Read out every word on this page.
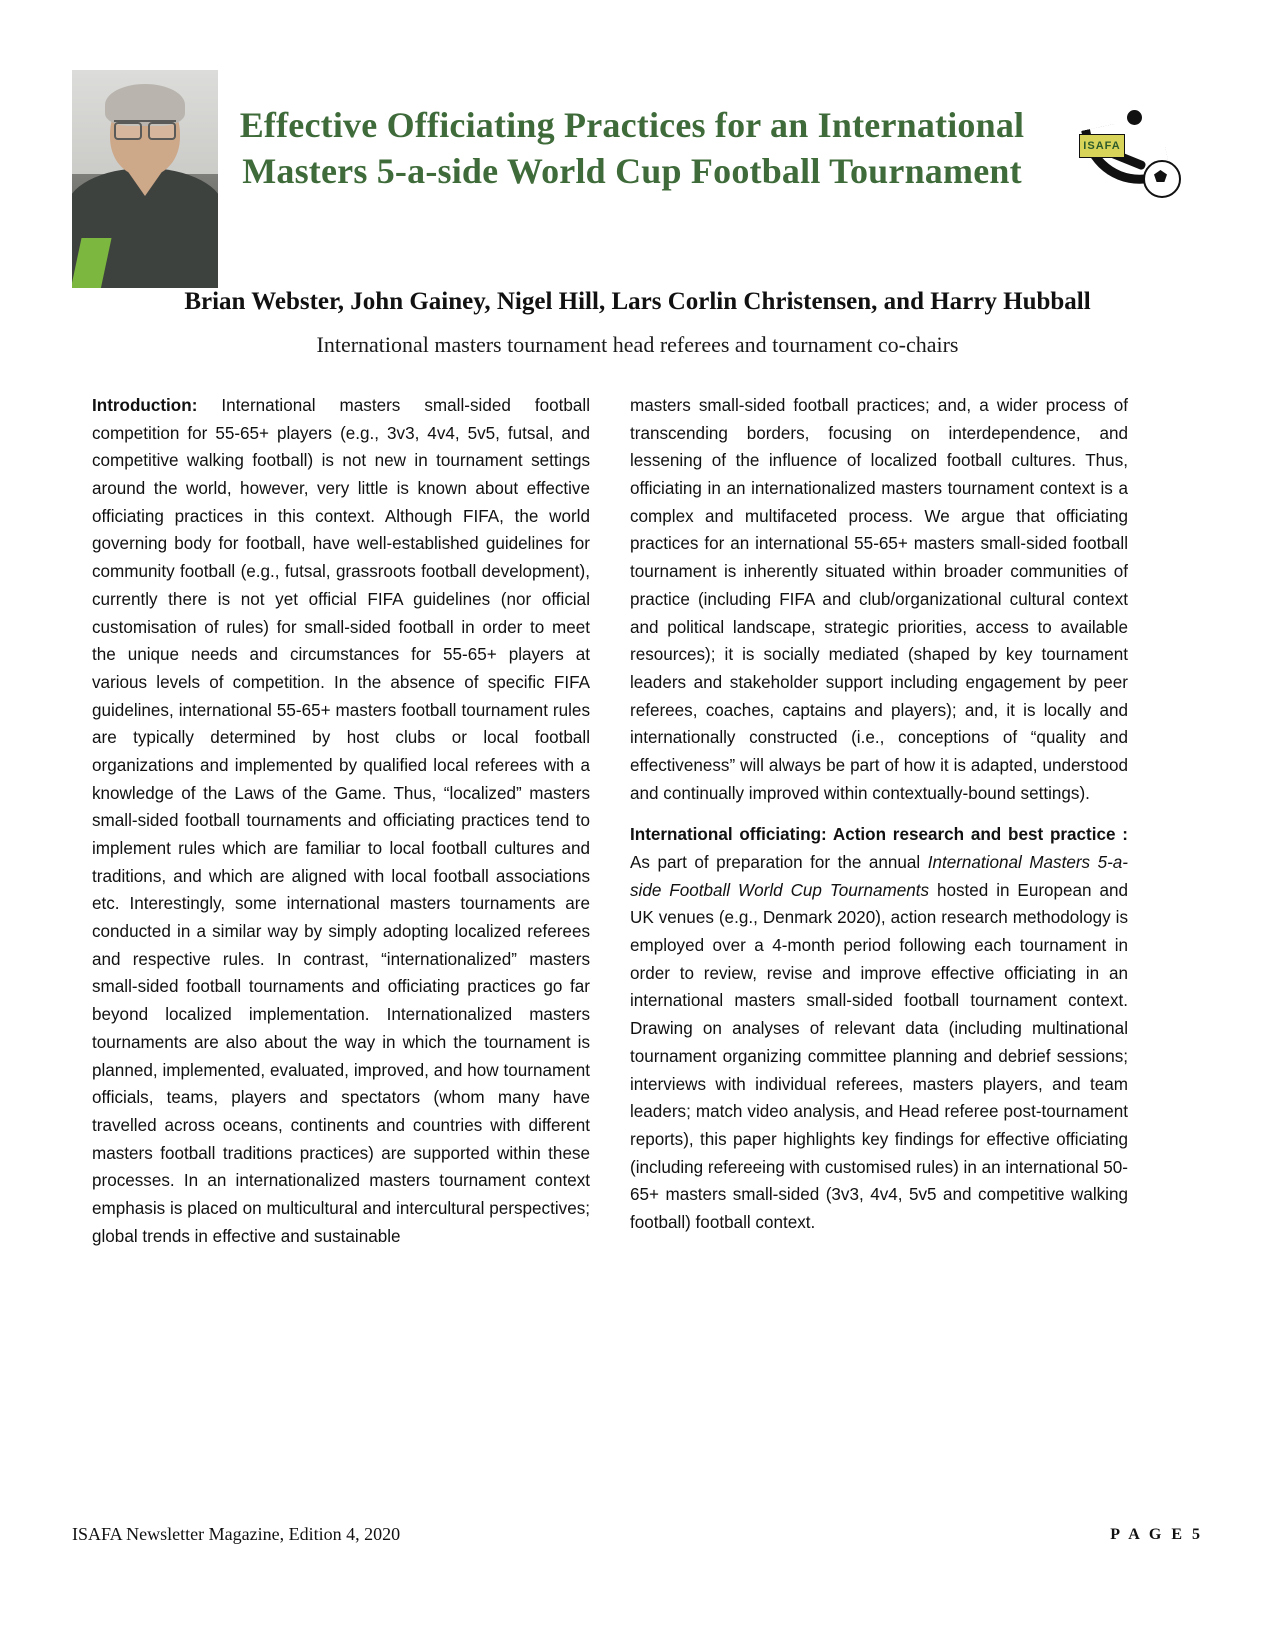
Effective Officiating Practices for an International Masters 5-a-side World Cup Football Tournament
ISAFA
Brian Webster, John Gainey, Nigel Hill, Lars Corlin Christensen, and Harry Hubball
International masters tournament head referees and tournament co-chairs

Introduction: International masters small-sided football competition for 55-65+ players (e.g., 3v3, 4v4, 5v5, futsal, and competitive walking football) is not new in tournament settings around the world, however, very little is known about effective officiating practices in this context. Although FIFA, the world governing body for football, have well-established guidelines for community football (e.g., futsal, grassroots football development), currently there is not yet official FIFA guidelines (nor official customisation of rules) for small-sided football in order to meet the unique needs and circumstances for 55-65+ players at various levels of competition. In the absence of specific FIFA guidelines, international 55-65+ masters football tournament rules are typically determined by host clubs or local football organizations and implemented by qualified local referees with a knowledge of the Laws of the Game. Thus, “localized” masters small-sided football tournaments and officiating practices tend to implement rules which are familiar to local football cultures and traditions, and which are aligned with local football associations etc. Interestingly, some international masters tournaments are conducted in a similar way by simply adopting localized referees and respective rules. In contrast, “internationalized” masters small-sided football tournaments and officiating practices go far beyond localized implementation. Internationalized masters tournaments are also about the way in which the tournament is planned, implemented, evaluated, improved, and how tournament officials, teams, players and spectators (whom many have travelled across oceans, continents and countries with different masters football traditions practices) are supported within these processes. In an internationalized masters tournament context emphasis is placed on multicultural and intercultural perspectives; global trends in effective and sustainable

masters small-sided football practices; and, a wider process of transcending borders, focusing on interdependence, and lessening of the influence of localized football cultures. Thus, officiating in an internationalized masters tournament context is a complex and multifaceted process. We argue that officiating practices for an international 55-65+ masters small-sided football tournament is inherently situated within broader communities of practice (including FIFA and club/organizational cultural context and political landscape, strategic priorities, access to available resources); it is socially mediated (shaped by key tournament leaders and stakeholder support including engagement by peer referees, coaches, captains and players); and, it is locally and internationally constructed (i.e., conceptions of “quality and effectiveness” will always be part of how it is adapted, understood and continually improved within contextually-bound settings).

International officiating: Action research and best practice : As part of preparation for the annual International Masters 5-a-side Football World Cup Tournaments hosted in European and UK venues (e.g., Denmark 2020), action research methodology is employed over a 4-month period following each tournament in order to review, revise and improve effective officiating in an international masters small-sided football tournament context. Drawing on analyses of relevant data (including multinational tournament organizing committee planning and debrief sessions; interviews with individual referees, masters players, and team leaders; match video analysis, and Head referee post-tournament reports), this paper highlights key findings for effective officiating (including refereeing with customised rules) in an international 50-65+ masters small-sided (3v3, 4v4, 5v5 and competitive walking football) football context.

ISAFA Newsletter Magazine, Edition 4, 2020	P A G E 5
